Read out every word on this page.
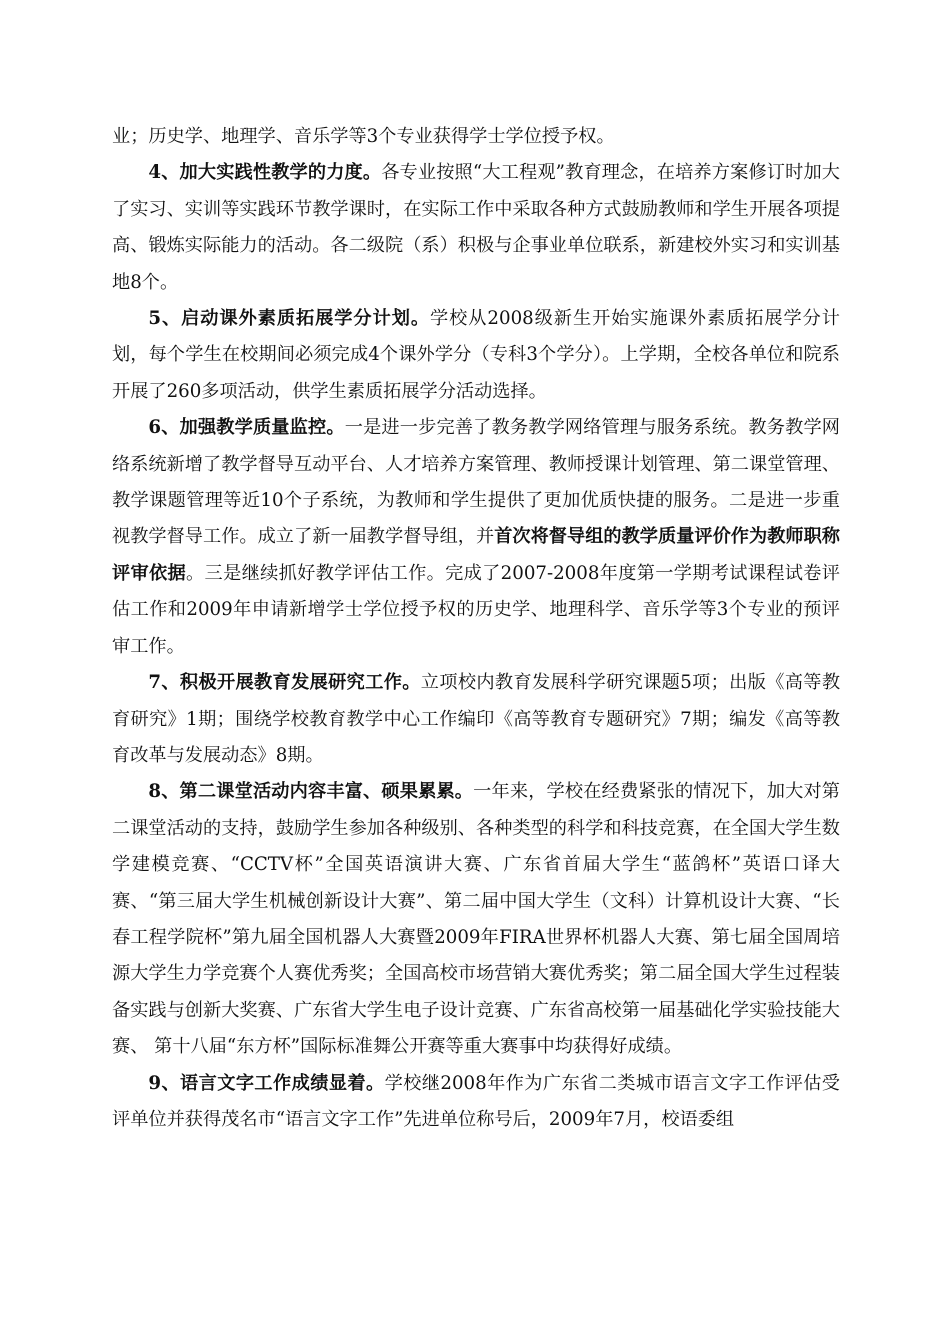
业；历史学、地理学、音乐学等3个专业获得学士学位授予权。

4、加大实践性教学的力度。各专业按照“大工程观”教育理念，在培养方案修订时加大了实习、实训等实践环节教学课时，在实际工作中采取各种方式鼓励教师和学生开展各项提高、锻炼实际能力的活动。各二级院（系）积极与企事业单位联系，新建校外实习和实训基地8个。

5、启动课外素质拓展学分计划。学校从2008级新生开始实施课外素质拓展学分计划，每个学生在校期间必须完成4个课外学分（专科3个学分）。上学期，全校各单位和院系开展了260多项活动，供学生素质拓展学分活动选择。

6、加强教学质量监控。一是进一步完善了教务教学网络管理与服务系统。教务教学网络系统新增了教学督导互动平台、人才培养方案管理、教师授课计划管理、第二课堂管理、教学课题管理等近10个子系统，为教师和学生提供了更加优质快捷的服务。二是进一步重视教学督导工作。成立了新一届教学督导组，并首次将督导组的教学质量评价作为教师职称评审依据。三是继续抓好教学评估工作。完成了2007-2008年度第一学期考试课程试卷评估工作和2009年申请新增学士学位授予权的历史学、地理科学、音乐学等3个专业的预评审工作。

7、积极开展教育发展研究工作。立项校内教育发展科学研究课题5项；出版《高等教育研究》1期；围绕学校教育教学中心工作编印《高等教育专题研究》7期；编发《高等教育改革与发展动态》8期。

8、第二课堂活动内容丰富、硕果累累。一年来，学校在经费紧张的情况下，加大对第二课堂活动的支持，鼓励学生参加各种级别、各种类型的科学和科技竞赛，在全国大学生数学建模竞赛、“CCTV杯”全国英语演讲大赛、广东省首届大学生“蓝鸽杯”英语口译大赛、“第三届大学生机械创新设计大赛”、第二届中国大学生（文科）计算机设计大赛、“长春工程学院杯”第九届全国机器人大赛暨2009年FIRA世界杯机器人大赛、第七届全国周培源大学生力学竞赛个人赛优秀奖；全国高校市场营销大赛优秀奖；第二届全国大学生过程装备实践与创新大奖赛、广东省大学生电子设计竞赛、广东省高校第一届基础化学实验技能大赛、 第十八届“东方杯”国际标准舞公开赛等重大赛事中均获得好成绩。

9、语言文字工作成绩显着。学校继2008年作为广东省二类城市语言文字工作评估受评单位并获得茂名市“语言文字工作”先进单位称号后，2009年7月，校语委组
